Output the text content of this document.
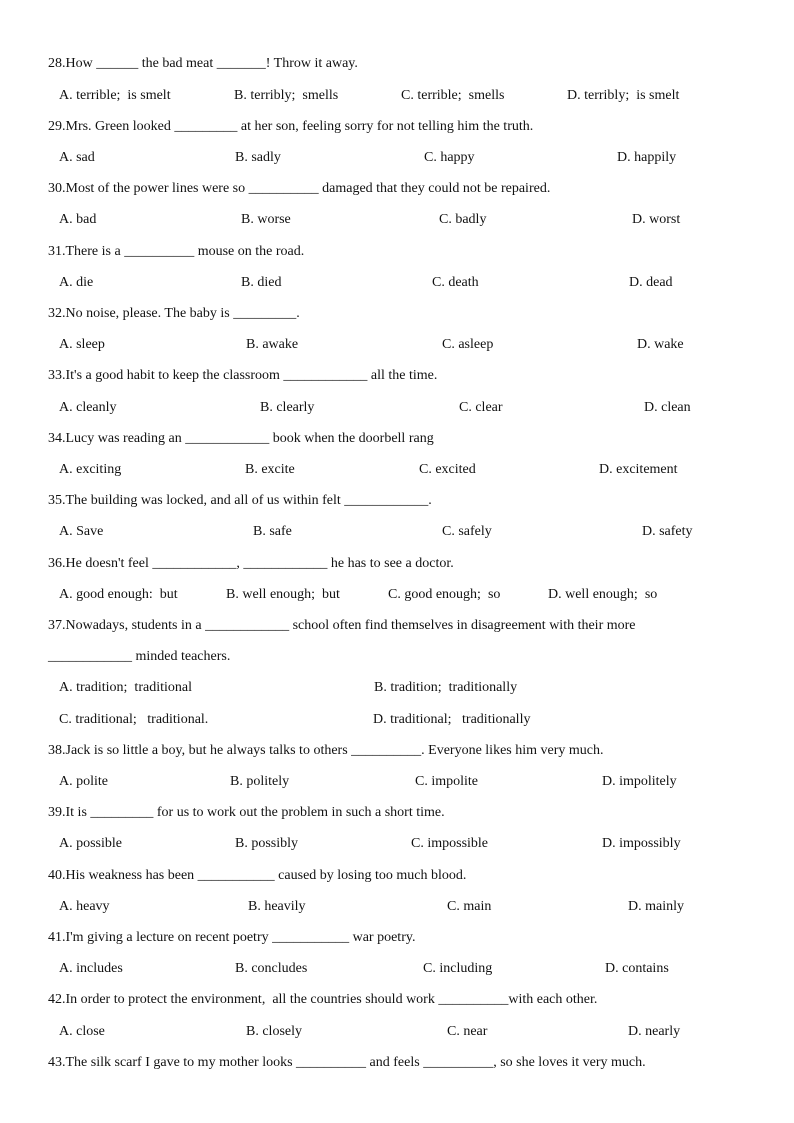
28.How ______ the bad meat _______! Throw it away.
A. terrible;  is smelt	B. terribly;  smells	C. terrible;  smells	D. terribly;  is smelt
29.Mrs. Green looked _________ at her son, feeling sorry for not telling him the truth.
A. sad	B. sadly	C. happy	D. happily
30.Most of the power lines were so __________ damaged that they could not be repaired.
A. bad	B. worse	C. badly	D. worst
31.There is a __________ mouse on the road.
A. die	B. died	C. death	D. dead
32.No noise, please. The baby is _________.
A. sleep	B. awake	C. asleep	D. wake
33.It's a good habit to keep the classroom ____________ all the time.
A. cleanly	B. clearly	C. clear	D. clean
34.Lucy was reading an ____________ book when the doorbell rang
A. exciting	B. excite	C. excited	D. excitement
35.The building was locked, and all of us within felt ____________.
A. Save	B. safe	C. safely	D. safety
36.He doesn't feel ____________, ____________ he has to see a doctor.
A. good enough:  but	B. well enough;  but	C. good enough;  so	D. well enough;  so
37.Nowadays, students in a ____________ school often find themselves in disagreement with their more
____________ minded teachers.
A. tradition;  traditional	B. tradition;  traditionally
C. traditional;   traditional.	D. traditional;   traditionally
38.Jack is so little a boy, but he always talks to others __________. Everyone likes him very much.
A. polite	B. politely	C. impolite	D. impolitely
39.It is _________ for us to work out the problem in such a short time.
A. possible	B. possibly	C. impossible	D. impossibly
40.His weakness has been ___________ caused by losing too much blood.
A. heavy	B. heavily	C. main	D. mainly
41.I'm giving a lecture on recent poetry ___________ war poetry.
A. includes	B. concludes	C. including	D. contains
42.In order to protect the environment,  all the countries should work __________with each other.
A. close	B. closely	C. near	D. nearly
43.The silk scarf I gave to my mother looks __________ and feels __________, so she loves it very much.
